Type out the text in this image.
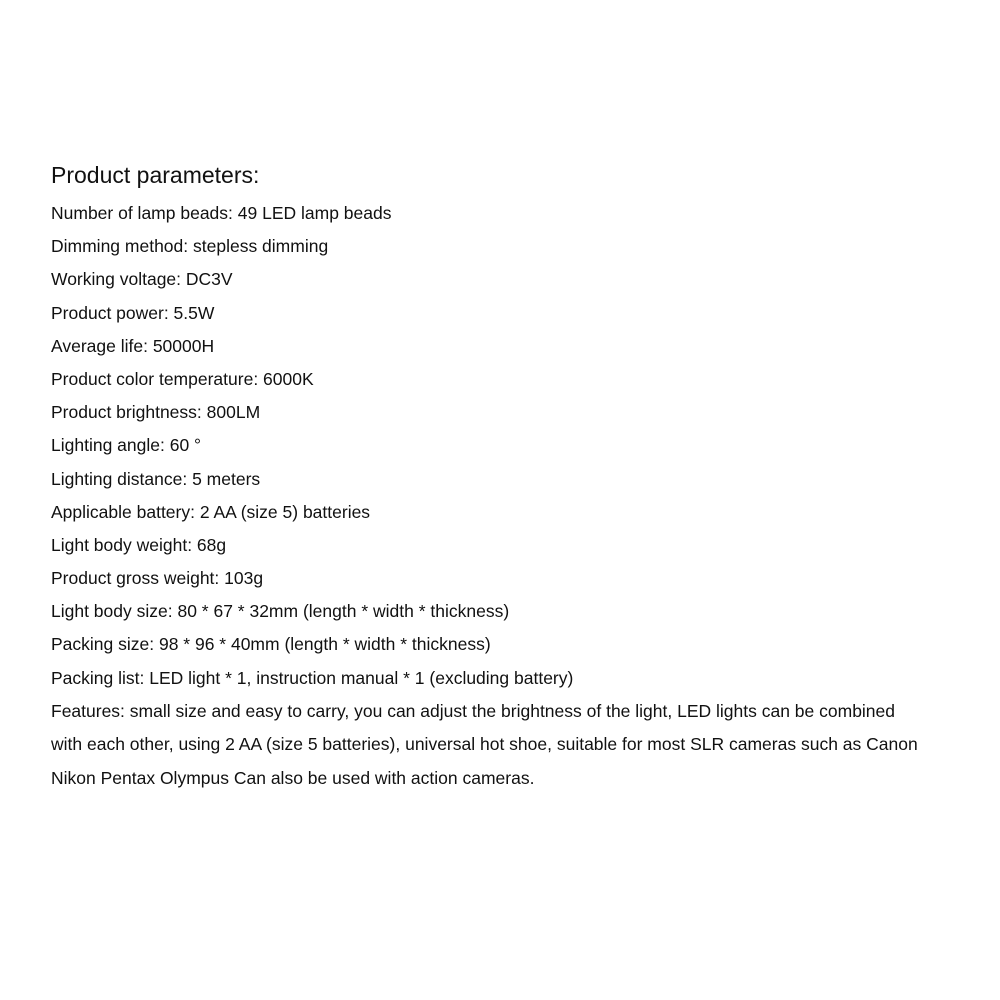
Product parameters:
Number of lamp beads: 49 LED lamp beads
Dimming method: stepless dimming
Working voltage: DC3V
Product power: 5.5W
Average life: 50000H
Product color temperature: 6000K
Product brightness: 800LM
Lighting angle: 60 °
Lighting distance: 5 meters
Applicable battery: 2 AA (size 5) batteries
Light body weight: 68g
Product gross weight: 103g
Light body size: 80 * 67 * 32mm (length * width * thickness)
Packing size: 98 * 96 * 40mm (length * width * thickness)
Packing list: LED light * 1, instruction manual * 1 (excluding battery)

Features: small size and easy to carry, you can adjust the brightness of the light, LED lights can be combined
with each other, using 2 AA (size 5 batteries), universal hot shoe, suitable for most SLR cameras such as Canon
Nikon Pentax Olympus Can also be used with action cameras.
